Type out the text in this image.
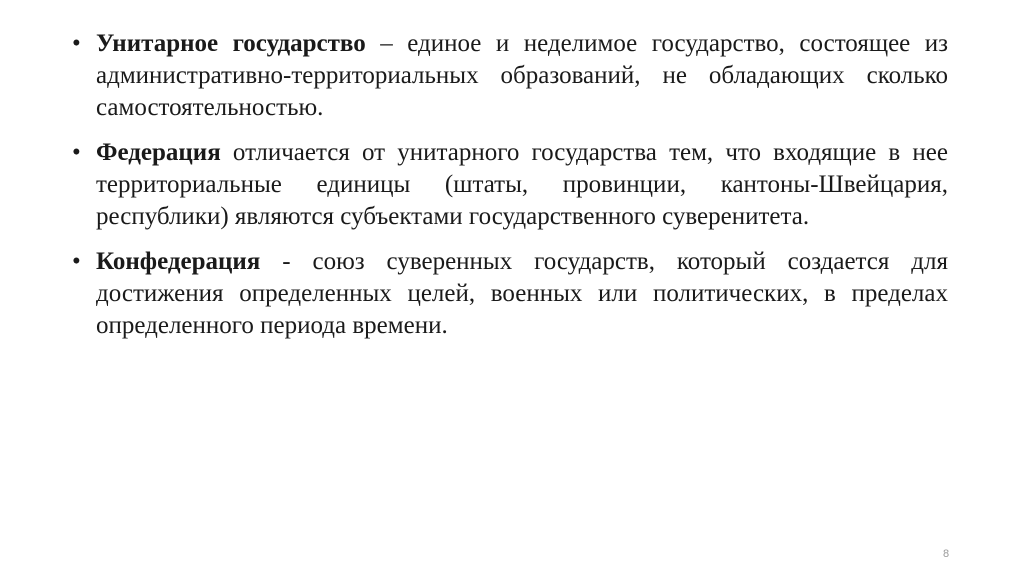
• Унитарное государство – единое и неделимое государство, состоящее из административно-территориальных образований, не обладающих сколько самостоятельностью.
• Федерация отличается от унитарного государства тем, что входящие в нее территориальные единицы (штаты, провинции, кантоны-Швейцария, республики) являются субъектами государственного суверенитета.
• Конфедерация - союз суверенных государств, который создается для достижения определенных целей, военных или политических, в пределах определенного периода времени.
8
